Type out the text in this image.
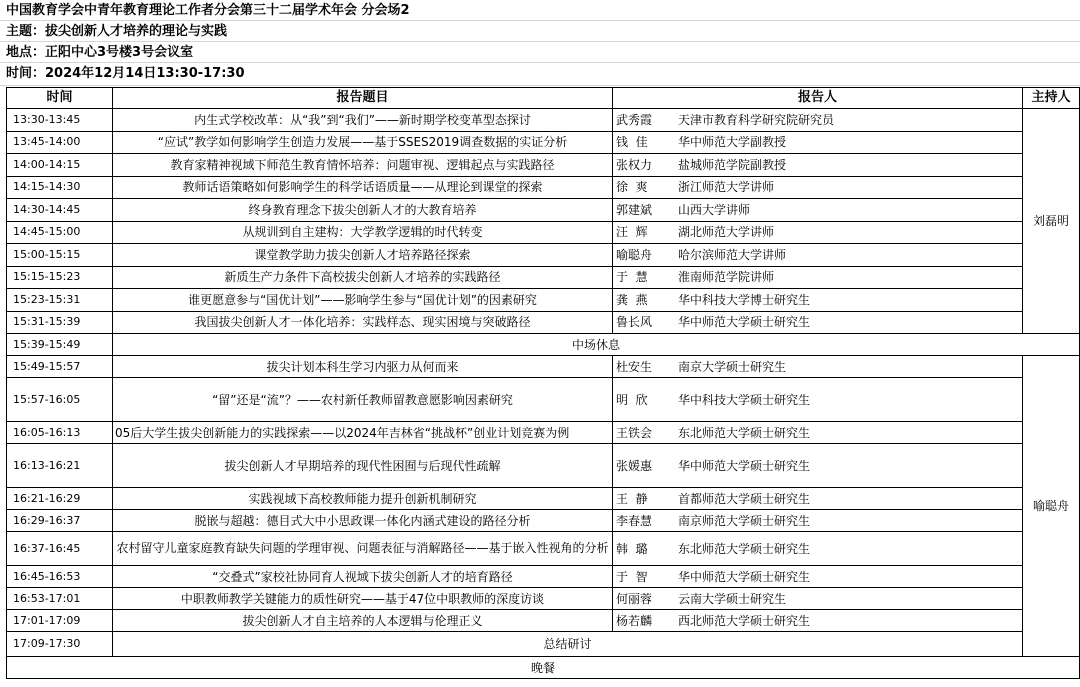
中国教育学会中青年教育理论工作者分会第三十二届学术年会 分会场2
主题：拔尖创新人才培养的理论与实践
地点：正阳中心3号楼3号会议室
时间：2024年12月14日13:30-17:30
时间	报告题目	报告人	主持人
13:30-13:45	内生式学校改革：从“我”到“我们”——新时期学校变革型态探讨	武秀霞 天津市教育科学研究院研究员	刘磊明
13:45-14:00	“应试”教学如何影响学生创造力发展——基于SSES2019调查数据的实证分析	钱  佳 华中师范大学副教授	
14:00-14:15	教育家精神视域下师范生教育情怀培养：问题审视、逻辑起点与实践路径	张权力 盐城师范学院副教授	
14:15-14:30	教师话语策略如何影响学生的科学话语质量——从理论到课堂的探索	徐  爽 浙江师范大学讲师	
14:30-14:45	终身教育理念下拔尖创新人才的大教育培养	郭建斌 山西大学讲师	
14:45-15:00	从规训到自主建构：大学教学逻辑的时代转变	汪  辉 湖北师范大学讲师	
15:00-15:15	课堂教学助力拔尖创新人才培养路径探索	喻聪舟 哈尔滨师范大学讲师	
15:15-15:23	新质生产力条件下高校拔尖创新人才培养的实践路径	于  慧 淮南师范学院讲师	
15:23-15:31	谁更愿意参与“国优计划”——影响学生参与“国优计划”的因素研究	龚  燕 华中科技大学博士研究生	
15:31-15:39	我国拔尖创新人才一体化培养：实践样态、现实困境与突破路径	鲁长风 华中师范大学硕士研究生	
15:39-15:49	中场休息		
15:49-15:57	拔尖计划本科生学习内驱力从何而来	杜安生 南京大学硕士研究生	喻聪舟
15:57-16:05	“留”还是“流”？——农村新任教师留教意愿影响因素研究	明  欣 华中科技大学硕士研究生	
16:05-16:13	05后大学生拔尖创新能力的实践探索——以2024年吉林省“挑战杯”创业计划竞赛为例	王铁会 东北师范大学硕士研究生	
16:13-16:21	拔尖创新人才早期培养的现代性困囿与后现代性疏解	张媛惠 华中师范大学硕士研究生	
16:21-16:29	实践视域下高校教师能力提升创新机制研究	王  静 首都师范大学硕士研究生	
16:29-16:37	脱嵌与超越：德目式大中小思政课一体化内涵式建设的路径分析	李春慧 南京师范大学硕士研究生	
16:37-16:45	农村留守儿童家庭教育缺失问题的学理审视、问题表征与消解路径——基于嵌入性视角的分析	韩  璐 东北师范大学硕士研究生	
16:45-16:53	“交叠式”家校社协同育人视域下拔尖创新人才的培育路径	于  智 华中师范大学硕士研究生	
16:53-17:01	中职教师教学关键能力的质性研究——基于47位中职教师的深度访谈	何丽蓉 云南大学硕士研究生	
17:01-17:09	拔尖创新人才自主培养的人本逻辑与伦理正义	杨若麟 西北师范大学硕士研究生	
17:09-17:30	总结研讨		
晚餐			
